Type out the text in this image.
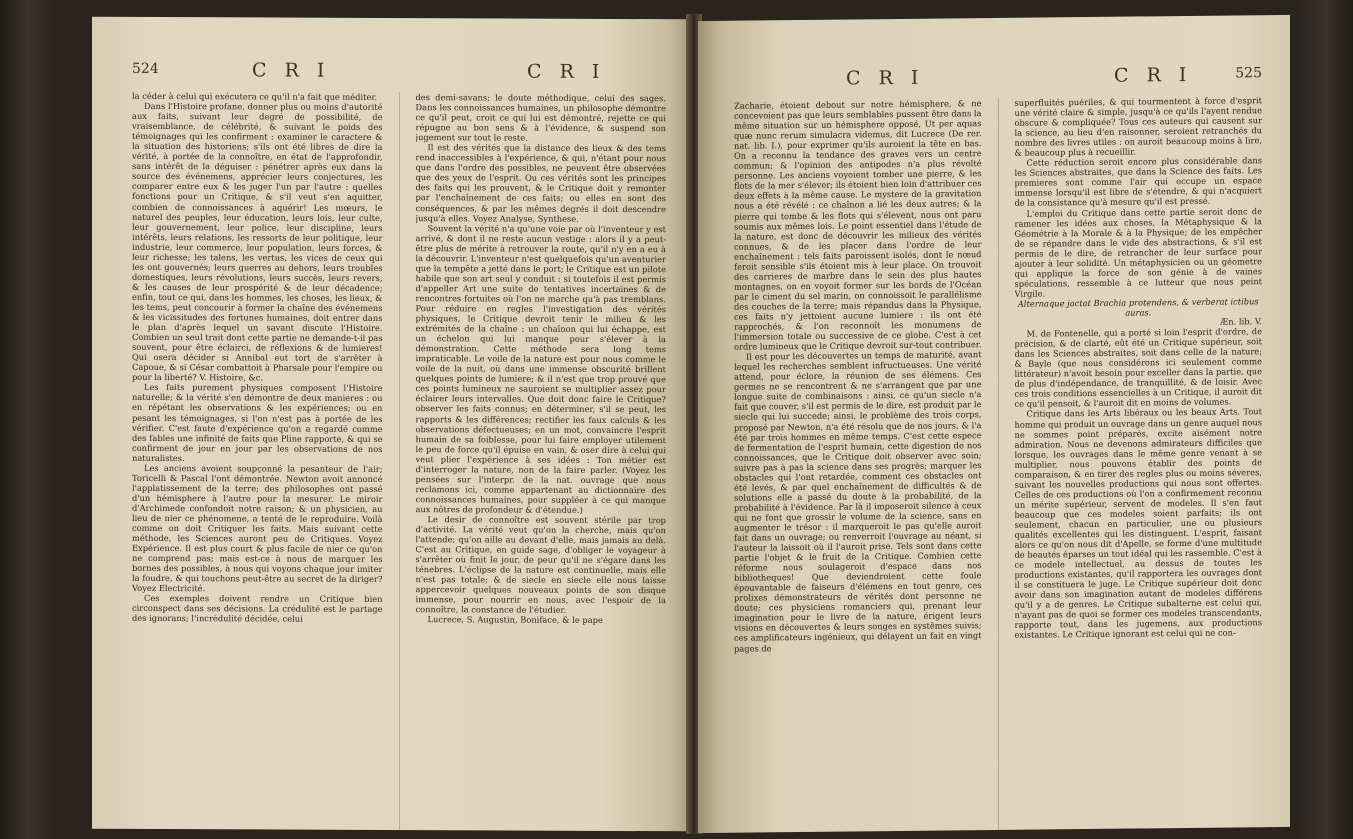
524	C R I	C R I

la céder à celui qui exécutera ce qu'il n'a fait que méditer.

Dans l'Histoire profane, donner plus ou moins d'autorité aux faits, suivant leur degré de possibilité, de vraisemblance, de célébrité, & suivant le poids des témoignages qui les confirment : examiner le caractere & la situation des historiens; s'ils ont été libres de dire la vérité, à portée de la connoître, en état de l'approfondir, sans intérêt de la déguiser : pénétrer après eux dans la source des événemens, apprécier leurs conjectures, les comparer entre eux & les juger l'un par l'autre : quelles fonctions pour un Critique, & s'il veut s'en aquitter, combien de connoissances à aquérir! Les mœurs, le naturel des peuples, leur éducation, leurs lois, leur culte, leur gouvernement, leur police, leur discipline, leurs intérêts, leurs relations, les ressorts de leur politique, leur industrie, leur commerce, leur population, leurs forces, & leur richesse; les talens, les vertus, les vices de ceux qui les ont gouvernés; leurs guerres au dehors, leurs troubles domestiques, leurs révolutions, leurs succès, leurs revers, & les causes de leur prospérité & de leur décadence; enfin, tout ce qui, dans les hommes, les choses, les lieux, & les tems, peut concourir à former la chaîne des événemens & les vicissitudes des fortunes humaines, doit entrer dans le plan d'après lequel un savant discute l'Histoire. Combien un seul trait dont cette partie ne demande-t-il pas souvent, pour être éclairci, de réflexions & de lumieres! Qui osera décider si Annibal eut tort de s'arrêter à Capoue, & si César combattoit à Pharsale pour l'empire ou pour la liberté? V. Histoire, &c.

Les faits purement physiques composent l'Histoire naturelle; & la vérité s'en démontre de deux manieres : ou en répétant les observations & les expériences; ou en pesant les témoignages, si l'on n'est pas à portée de les vérifier. C'est faute d'expérience qu'on a regardé comme des fables une infinité de faits que Pline rapporte, & qui se confirment de jour en jour par les observations de nos naturalistes.

Les anciens avoient soupçonné la pesanteur de l'air; Toricelli & Pascal l'ont démontrée. Newton avoit annoncé l'applatissement de la terre; des philosophes ont passé d'un hémisphere à l'autre pour la mesurer. Le miroir d'Archimede confondoit notre raison; & un physicien, au lieu de nier ce phénomene, a tenté de le reproduire. Voilà comme on doit Critiquer les faits. Mais suivant cette méthode, les Sciences auront peu de Critiques. Voyez Expérience. Il est plus court & plus facile de nier ce qu'on ne comprend pas; mais est-ce à nous de marquer les bornes des possibles, à nous qui voyons chaque jour imiter la foudre, & qui touchons peut-être au secret de la diriger? Voyez Electricité.

Ces exemples doivent rendre un Critique bien circonspect dans ses décisions. La crédulité est le partage des ignorans; l'incrédulité décidée, celui

des demi-savans; le doute méthodique, celui des sages. Dans les connoissances humaines, un philosophe démontre ce qu'il peut, croit ce qui lui est démontré, rejette ce qui répugne au bon sens & à l'évidence, & suspend son jugement sur tout le reste.

Il est des vérités que la distance des lieux & des tems rend inaccessibles à l'expérience, & qui, n'étant pour nous que dans l'ordre des possibles, ne peuvent être observées que des yeux de l'esprit. Ou ces vérités sont les principes des faits qui les prouvent, & le Critique doit y remonter par l'enchaînement de ces faits; ou elles en sont des conséquences, & par les mêmes degrés il doit descendre jusqu'à elles. Voyez Analyse, Synthese.

Souvent la vérité n'a qu'une voie par où l'inventeur y est arrivé, & dont il ne reste aucun vestige : alors il y a peut-être plus de mérite à retrouver la route, qu'il n'y en a eu à la découvrir. L'inventeur n'est quelquefois qu'un aventurier que la tempête a jetté dans le port; le Critique est un pilote habile que son art seul y conduit : si toutefois il est permis d'appeller Art une suite de tentatives incertaines & de rencontres fortuites où l'on ne marche qu'à pas tremblans. Pour réduire en regles l'investigation des vérités physiques, le Critique devroit tenir le milieu & les extrémités de la chaîne : un chaînon qui lui échappe, est un échelon qui lui manque pour s'élever à la démonstration. Cette méthode sera long tems impraticable. Le voile de la nature est pour nous comme le voile de la nuit, où dans une immense obscurité brillent quelques points de lumiere; & il n'est que trop prouvé que ces points lumineux ne sauroient se multiplier assez pour éclairer leurs intervalles. Que doit donc faire le Critique? observer les faits connus; en déterminer, s'il se peut, les rapports & les différences; rectifier les faux calculs & les observations défectueuses; en un mot, convaincre l'esprit humain de sa foiblesse, pour lui faire employer utilement le peu de force qu'il épuise en vain, & oser dire à celui qui veut plier l'expérience à ses idées : Ton métier est d'interroger la nature, non de la faire parler. (Voyez les pensées sur l'interpr. de la nat. ouvrage que nous reclamons ici, comme appartenant au dictionnaire des connoissances humaines, pour suppléer à ce qui manque aux nôtres de profondeur & d'étendue.)

Le desir de connoître est souvent stérile par trop d'activité. La vérité veut qu'on la cherche, mais qu'on l'attende; qu'on aille au devant d'elle, mais jamais au delà. C'est au Critique, en guide sage, d'obliger le voyageur à s'arrêter où finit le jour, de peur qu'il ne s'égare dans les ténebres. L'éclipse de la nature est continuelle, mais elle n'est pas totale; & de siecle en siecle elle nous laisse appercevoir quelques nouveaux points de son disque immense, pour nourrir en nous, avec l'espoir de la connoître, la constance de l'étudier.

Lucrece, S. Augustin, Boniface, & le pape

C R I	C R I	525

Zacharie, étoient debout sur notre hémisphere, & ne concevoient pas que leurs semblables pussent être dans la même situation sur un hémisphere opposé, Ut per aquas quæ nunc rerum simulacra videmus, dit Lucrece (De rer. nat. lib. I.), pour exprimer qu'ils auroient la tête en bas. On a reconnu la tendance des graves vers un centre commun; & l'opinion des antipodes n'a plus révolté personne. Les anciens voyoient tomber une pierre, & les flots de la mer s'élever; ils étoient bien loin d'attribuer ces deux effets à la même cause. Le mystere de la gravitation nous a été révélé : ce chaînon a lié les deux autres; & la pierre qui tombe & les flots qui s'élevent, nous ont paru soumis aux mêmes lois. Le point essentiel dans l'étude de la nature, est donc de découvrir les milieux des vérités connues, & de les placer dans l'ordre de leur enchaînement : tels faits paroissent isolés, dont le nœud feroit sensible s'ils étoient mis à leur place. On trouvoit des carrieres de marbre dans le sein des plus hautes montagnes, on en voyoit former sur les bords de l'Océan par le ciment du sel marin, on connoissoit le parallélisme des couches de la terre; mais répandus dans la Physique, ces faits n'y jettoient aucune lumiere : ils ont été rapprochés, & l'on reconnoît les monumens de l'immersion totale ou successive de ce globe. C'est à cet ordre lumineux que le Critique devroit sur-tout contribuer.

Il est pour les découvertes un temps de maturité, avant lequel les recherches semblent infructueuses. Une vérité attend, pour éclore, la réunion de ses élémens. Ces germes ne se rencontrent & ne s'arrangent que par une longue suite de combinaisons : ainsi, ce qu'un siecle n'a fait que couver, s'il est permis de le dire, est produit par le siecle qui lui succede; ainsi, le problème des trois corps, proposé par Newton, n'a été résolu que de nos jours, & l'a été par trois hommes en même temps. C'est cette espece de fermentation de l'esprit humain, cette digestion de nos connoissances, que le Critique doit observer avec soin; suivre pas à pas la science dans ses progrès; marquer les obstacles qui l'ont retardée, comment ces obstacles ont été levés, & par quel enchaînement de difficultés & de solutions elle a passé du doute à la probabilité, de la probabilité à l'évidence. Par là il imposeroit silence à ceux qui ne font que grossir le volume de la science, sans en augmenter le trésor : il marqueroit le pas qu'elle auroit fait dans un ouvrage; ou renverroit l'ouvrage au néant, si l'auteur la laissoit où il l'auroit prise. Tels sont dans cette partie l'objet & le fruit de la Critique. Combien cette réforme nous soulageroit d'espace dans nos bibliotheques! Que deviendroient cette foule épouvantable de faiseurs d'élémens en tout genre, ces prolixes démonstrateurs de vérités dont personne ne doute; ces physiciens romanciers qui, prenant leur imagination pour le livre de la nature, érigent leurs visions en découvertes & leurs songes en systêmes suivis; ces amplificateurs ingénieux, qui délayent un fait en vingt pages de

superfluités puériles, & qui tourmentent à force d'esprit une vérité claire & simple, jusqu'à ce qu'ils l'ayent rendue obscure & compliquée? Tous ces auteurs qui causent sur la science, au lieu d'en raisonner, seroient retranchés du nombre des livres utiles : on auroit beaucoup moins à lire, & beaucoup plus à recueillir.

Cette réduction seroit encore plus considérable dans les Sciences abstraites, que dans la Science des faits. Les premieres sont comme l'air qui occupe un espace immense lorsqu'il est libre de s'étendre, & qui n'acquiert de la consistance qu'à mesure qu'il est pressé.

L'emploi du Critique dans cette partie seroit donc de ramener les idées aux choses, la Métaphysique & la Géométrie à la Morale & à la Physique; de les empêcher de se répandre dans le vide des abstractions, & s'il est permis de le dire, de retrancher de leur surface pour ajouter à leur solidité. Un métaphysicien ou un géometre qui applique la force de son génie à de vaines spéculations, ressemble à ce lutteur que nous peint Virgile.

Alternaque jactat Brachia protendens, & verberat ictibus auras.

Æn. lib. V.

M. de Fontenelle, qui a porté si loin l'esprit d'ordre, de précision, & de clarté, eût été un Critique supérieur, soit dans les Sciences abstraites, soit dans celle de la nature; & Bayle (que nous considérons ici seulement comme littérateur) n'avoit besoin pour exceller dans la partie, que de plus d'indépendance, de tranquillité, & de loisir. Avec ces trois conditions essencielles à un Critique, il auroit dit ce qu'il pensoit, & l'auroit dit en moins de volumes.

Critique dans les Arts libéraux ou les beaux Arts. Tout homme qui produit un ouvrage dans un genre auquel nous ne sommes point préparés, excite aisément notre admiration. Nous ne devenons admirateurs difficiles que lorsque, les ouvrages dans le même genre venant à se multiplier, nous pouvons établir des points de comparaison, & en tirer des regles plus ou moins séveres, suivant les nouvelles productions qui nous sont offertes. Celles de ces productions où l'on a confirmement reconnu un mérite supérieur, servent de modeles. Il s'en faut beaucoup que ces modeles soient parfaits; ils ont seulement, chacun en particulier, une ou plusieurs qualités excellentes qui les distinguent. L'esprit, faisant alors ce qu'on nous dit d'Apelle, se forme d'une multitude de beautés éparses un tout idéal qui les rassemble. C'est à ce modele intellectuel, au dessus de toutes les productions existantes, qu'il rapportera les ouvrages dont il se constituera le juge. Le Critique supérieur doit donc avoir dans son imagination autant de modeles différens qu'il y a de genres. Le Critique subalterne est celui qui, n'ayant pas de quoi se former ces modeles transcendants, rapporte tout, dans les jugemens, aux productions existantes. Le Critique ignorant est celui qui ne con-
